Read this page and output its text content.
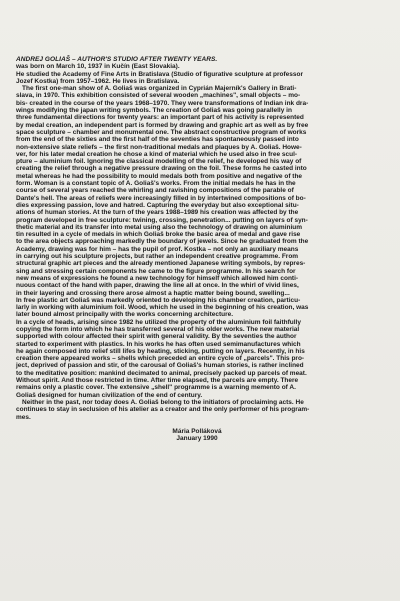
ANDREJ GOLIAŠ – AUTHOR'S STUDIO AFTER TWENTY YEARS.
was born on March 10, 1937 in Kučín (East Slovakia).
He studied the Academy of Fine Arts in Bratislava (Studio of figurative sculpture at professor
Jozef Kostka) from 1957–1962. He lives in Bratislava.
The first one-man show of A. Goliaš was organized in Cyprián Majerník's Gallery in Brati-
slava, in 1970. This exhibition consisted of several wooden „machines", small objects – mo-
bis- created in the course of the years 1968–1970. They were transformations of Indian ink dra-
wings modifying the japan writing symbols. The creation of Goliaš was going parallelly in
three fundamental directions for twenty years: an important part of his activity is represented
by medal creation, an independent part is formed by drawing and graphic art as well as by free
space sculpture – chamber and monumental one. The abstract constructive program of works
from the end of the sixties and the first half of the seventies has spontaneously passed into
non-extensive slate reliefs – the first non-traditional medals and plaques by A. Goliaš. Howe-
ver, for his later medal creation he chose a kind of material which he used also in free scul-
pture – aluminium foil. Ignoring the classical modelling of the relief, he developed his way of
creating the relief through a negative pressure drawing on the foil. These forms he casted into
metal whereas he had the possibility to mould medals both from positive and negative of the
form. Woman is a constant topic of A. Goliaš's works. From the initial medals he has in the
course of several years reached the whirling and ravishing compositions of the parable of
Dante's hell. The areas of reliefs were increasingly filled in by intertwined compositions of bo-
dies expressing passion, love and hatred. Capturing the everyday but also exceptional situ-
ations of human stories. At the turn of the years 1988–1989 his creation was affected by the
program developed in free sculpture: twining, crossing, penetration... putting on layers of syn-
thetic material and its transfer into metal using also the technology of drawing on aluminium
tin resulted in a cycle of medals in which Goliaš broke the basic area of medal and gave rise
to the area objects approaching markedly the boundary of jewels. Since he graduated from the
Academy, drawing was for him – has the pupil of prof. Kostka – not only an auxiliary means
in carrying out his sculpture projects, but rather an independent creative programme. From
structural graphic art pieces and the already mentioned Japanese writing symbols, by repres-
sing and stressing certain components he came to the figure programme. In his search for
new means of expressions he found a new technology for himself which allowed him conti-
nuous contact of the hand with paper, drawing the line all at once. In the whirl of vivid lines,
in their layering and crossing there arose almost a haptic matter being bound, swelling...
In free plastic art Goliaš was markedly oriented to developing his chamber creation, particu-
larly in working with aluminium foil. Wood, which he used in the beginning of his creation, was
later bound almost principally with the works concerning architecture.
In a cycle of heads, arising since 1982 he utilized the property of the aluminium foil faithfully
copying the form into which he has transferred several of his older works. The new material
supported with colour affected their spirit with general validity. By the seventies the author
started to experiment with plastics. In his works he has often used semimanufactures which
he again composed into relief still lifes by heating, sticking, putting on layers. Recently, in his
creation there appeared works – shells which preceded an entire cycle of „parcels". This pro-
ject, deprived of passion and stir, of the carousal of Goliaš's human stories, is rather inclined
to the meditative position: mankind decimated to animal, precisely packed up parcels of meat.
Without spirit. And those restricted in time. After time elapsed, the parcels are empty. There
remains only a plastic cover. The extensive „shell" programme is a warning memento of A.
Goliaš designed for human civilization of the end of century.
Neither in the past, nor today does A. Goliaš belong to the initiators of proclaiming acts. He
continues to stay in seclusion of his atelier as a creator and the only performer of his program-
mes.
Mária Polláková
January 1990
